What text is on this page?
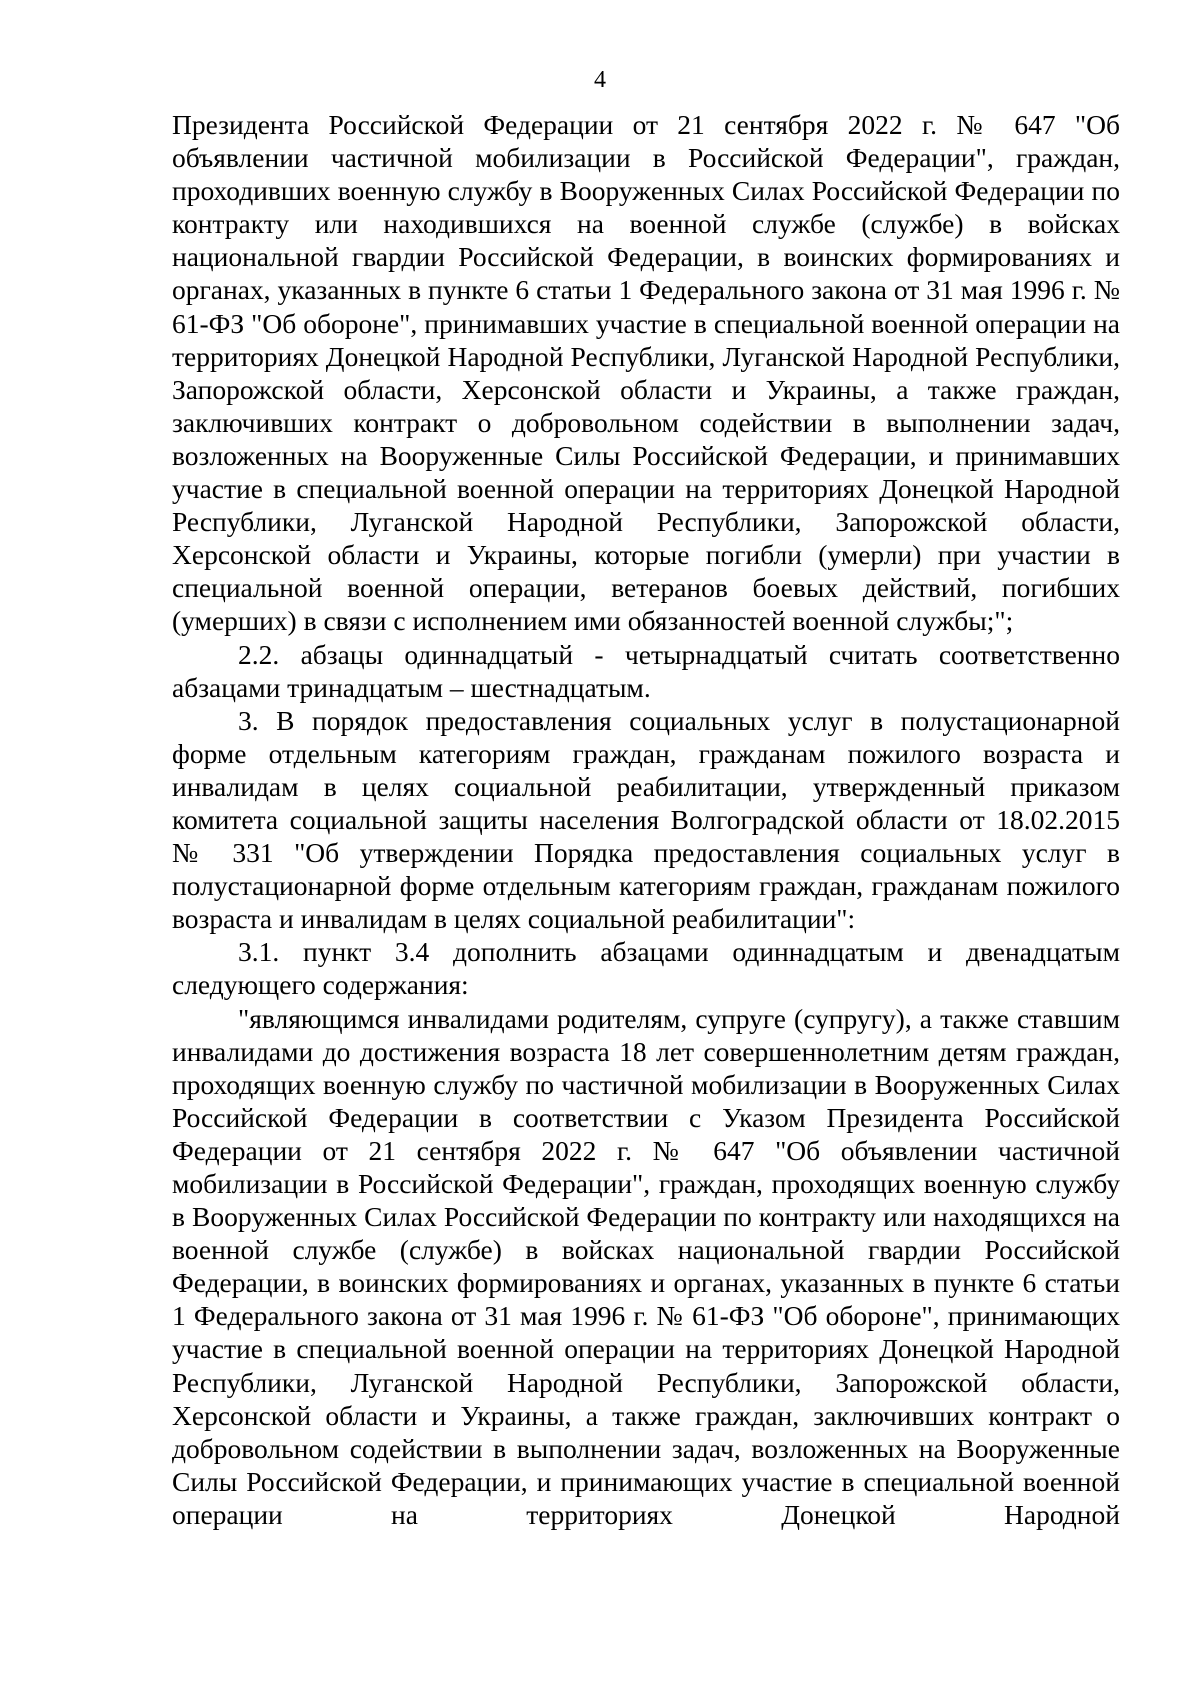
4

Президента Российской Федерации от 21 сентября 2022 г. № 647 "Об объявлении частичной мобилизации в Российской Федерации", граждан, проходивших военную службу в Вооруженных Силах Российской Федерации по контракту или находившихся на военной службе (службе) в войсках национальной гвардии Российской Федерации, в воинских формированиях и органах, указанных в пункте 6 статьи 1 Федерального закона от 31 мая 1996 г. № 61-ФЗ "Об обороне", принимавших участие в специальной военной операции на территориях Донецкой Народной Республики, Луганской Народной Республики, Запорожской области, Херсонской области и Украины, а также граждан, заключивших контракт о добровольном содействии в выполнении задач, возложенных на Вооруженные Силы Российской Федерации, и принимавших участие в специальной военной операции на территориях Донецкой Народной Республики, Луганской Народной Республики, Запорожской области, Херсонской области и Украины, которые погибли (умерли) при участии в специальной военной операции, ветеранов боевых действий, погибших (умерших) в связи с исполнением ими обязанностей военной службы;";

2.2. абзацы одиннадцатый - четырнадцатый считать соответственно абзацами тринадцатым – шестнадцатым.

3. В порядок предоставления социальных услуг в полустационарной форме отдельным категориям граждан, гражданам пожилого возраста и инвалидам в целях социальной реабилитации, утвержденный приказом комитета социальной защиты населения Волгоградской области от 18.02.2015 № 331 "Об утверждении Порядка предоставления социальных услуг в полустационарной форме отдельным категориям граждан, гражданам пожилого возраста и инвалидам в целях социальной реабилитации":

3.1. пункт 3.4 дополнить абзацами одиннадцатым и двенадцатым следующего содержания:

"являющимся инвалидами родителям, супруге (супругу), а также ставшим инвалидами до достижения возраста 18 лет совершеннолетним детям граждан, проходящих военную службу по частичной мобилизации в Вооруженных Силах Российской Федерации в соответствии с Указом Президента Российской Федерации от 21 сентября 2022 г. № 647 "Об объявлении частичной мобилизации в Российской Федерации", граждан, проходящих военную службу в Вооруженных Силах Российской Федерации по контракту или находящихся на военной службе (службе) в войсках национальной гвардии Российской Федерации, в воинских формированиях и органах, указанных в пункте 6 статьи 1 Федерального закона от 31 мая 1996 г. № 61-ФЗ "Об обороне", принимающих участие в специальной военной операции на территориях Донецкой Народной Республики, Луганской Народной Республики, Запорожской области, Херсонской области и Украины, а также граждан, заключивших контракт о добровольном содействии в выполнении задач, возложенных на Вооруженные Силы Российской Федерации, и принимающих участие в специальной военной операции на территориях Донецкой Народной
